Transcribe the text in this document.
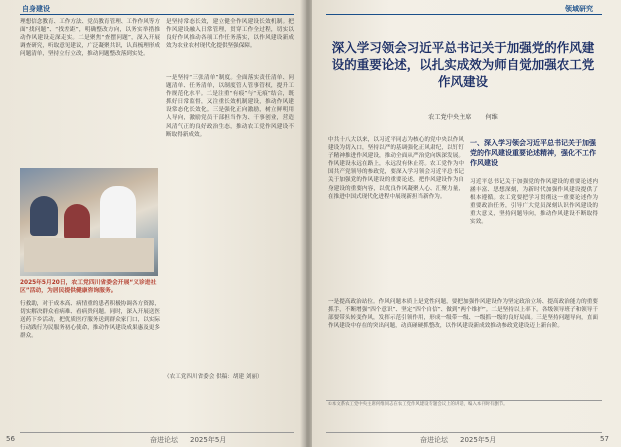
自身建设
理想信念教育、工作方法、党员教育管理、工作作风等方面“找问题”、“找差距”，明确整改方向，以务实举措推动作风建设走深走实。二是聚焦“查摆问题”，深入开展调查研究，听取意见建议，广泛凝聚共识，认真梳理形成问题清单，坚持立行立改，推动问题整改落到实处。
是坚持常态长效，建立健全作风建设长效机制。把作风建设融入日常管理，贯穿工作全过程，切实以良好作风推动各项工作任务落实，以作风建设新成效为农业农村现代化提供坚强保障。
一是坚持“三张清单”制度。全面落实责任清单、问题清单、任务清单，以制度管人管事管权，提升工作规范化水平。二是注重“有痕”与“无痕”结合，既抓好日常监督，又注重长效机制建设，推动作风建设常态化长效化。三是强化正向激励，树立鲜明用人导向，激励党员干部担当作为、干事创业，营造风清气正的良好政治生态，推动农工党作风建设不断取得新成效。
2025年5月20日，农工党四川省委会开展“义诊进社区”活动，为居民提供健康咨询服务。
行救助，对于成本高、病情重的患者积极协调各方资源，切实解决群众看病难、看病贵问题。同时，深入开展送医送药下乡活动，把优质医疗服务送到群众家门口，以实际行动践行为民服务初心使命，推动作风建设成果惠及更多群众。
（农工党四川省委会 供稿：胡建 刘丽）
56	奋进论坛 2025年5月
领域研究
深入学习领会习近平总书记关于加强党的作风建设的重要论述，以扎实成效为师自觉加强农工党作风建设
农工党中央主席 何维
中共十八大以来，以习近平同志为核心的党中央以作风建设为切入口，坚持以严的基调强化正风肃纪，以钉钉子精神推进作风建设，推动全面从严治党向纵深发展。作风建设永远在路上，永远没有休止符。农工党作为中国共产党领导的参政党，要深入学习领会习近平总书记关于加强党的作风建设的重要论述，把作风建设作为自身建设的重要内容，以优良作风凝聚人心、汇聚力量，在推进中国式现代化进程中展现新担当新作为。
一、深入学习领会习近平总书记关于加强党的作风建设重要论述精神，强化不工作作风建设
习近平总书记关于加强党的作风建设的重要论述内涵丰富、思想深刻，为新时代加强作风建设提供了根本遵循。农工党要把学习贯彻这一重要论述作为重要政治任务，引导广大党员深刻认识作风建设的重大意义，坚持问题导向，推动作风建设不断取得实效。
一是提高政治站位。作风问题本质上是党性问题，要把加强作风建设作为坚定政治立场、提高政治能力的重要抓手，不断增强“四个意识”、坚定“四个自信”、做到“两个维护”。二是坚持以上率下。各级领导班子和领导干部要带头转变作风，发挥示范引领作用，形成一级带一级、一级抓一级的良好局面。三是坚持问题导向，直面作风建设中存在的突出问题，动真碰硬抓整改，以作风建设新成效推动参政党建设迈上新台阶。
①本文系农工党中央主席何维同志在农工党作风建设专题会议上的讲话，编入本刊时有删节。
奋进论坛 2025年5月	57
